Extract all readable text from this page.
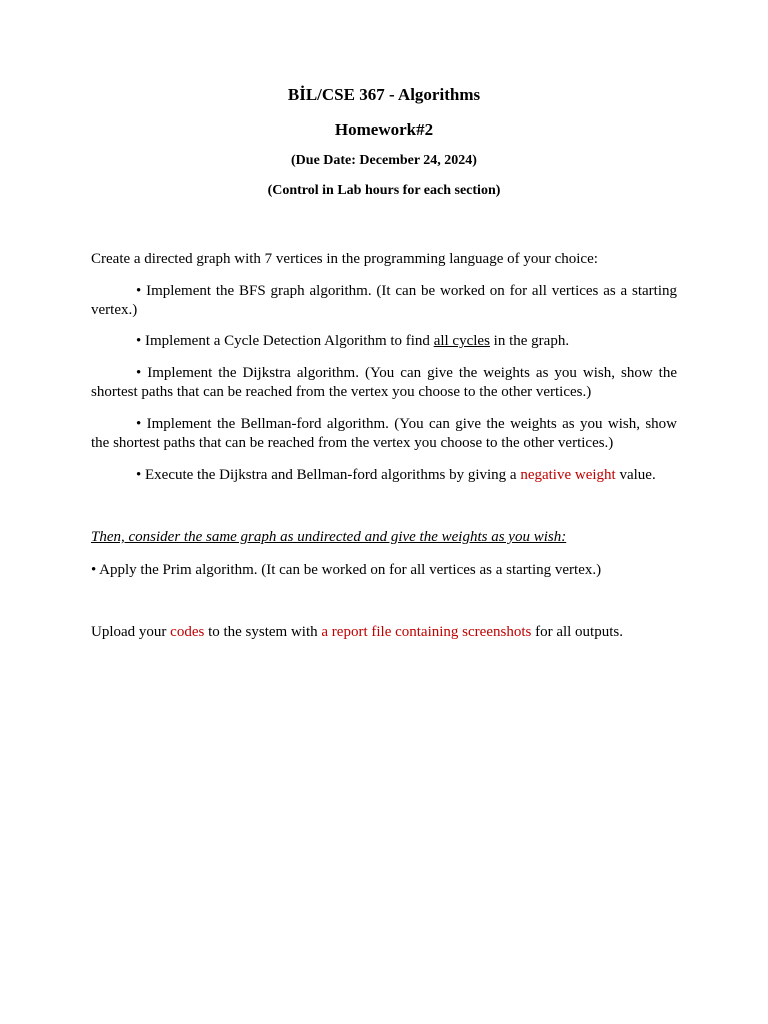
BİL/CSE 367 - Algorithms
Homework#2
(Due Date: December 24, 2024)
(Control in Lab hours for each section)
Create a directed graph with 7 vertices in the programming language of your choice:
• Implement the BFS graph algorithm. (It can be worked on for all vertices as a starting vertex.)
• Implement a Cycle Detection Algorithm to find all cycles in the graph.
• Implement the Dijkstra algorithm. (You can give the weights as you wish, show the shortest paths that can be reached from the vertex you choose to the other vertices.)
• Implement the Bellman-ford algorithm. (You can give the weights as you wish, show the shortest paths that can be reached from the vertex you choose to the other vertices.)
• Execute the Dijkstra and Bellman-ford algorithms by giving a negative weight value.
Then, consider the same graph as undirected and give the weights as you wish:
• Apply the Prim algorithm. (It can be worked on for all vertices as a starting vertex.)
Upload your codes to the system with a report file containing screenshots for all outputs.
